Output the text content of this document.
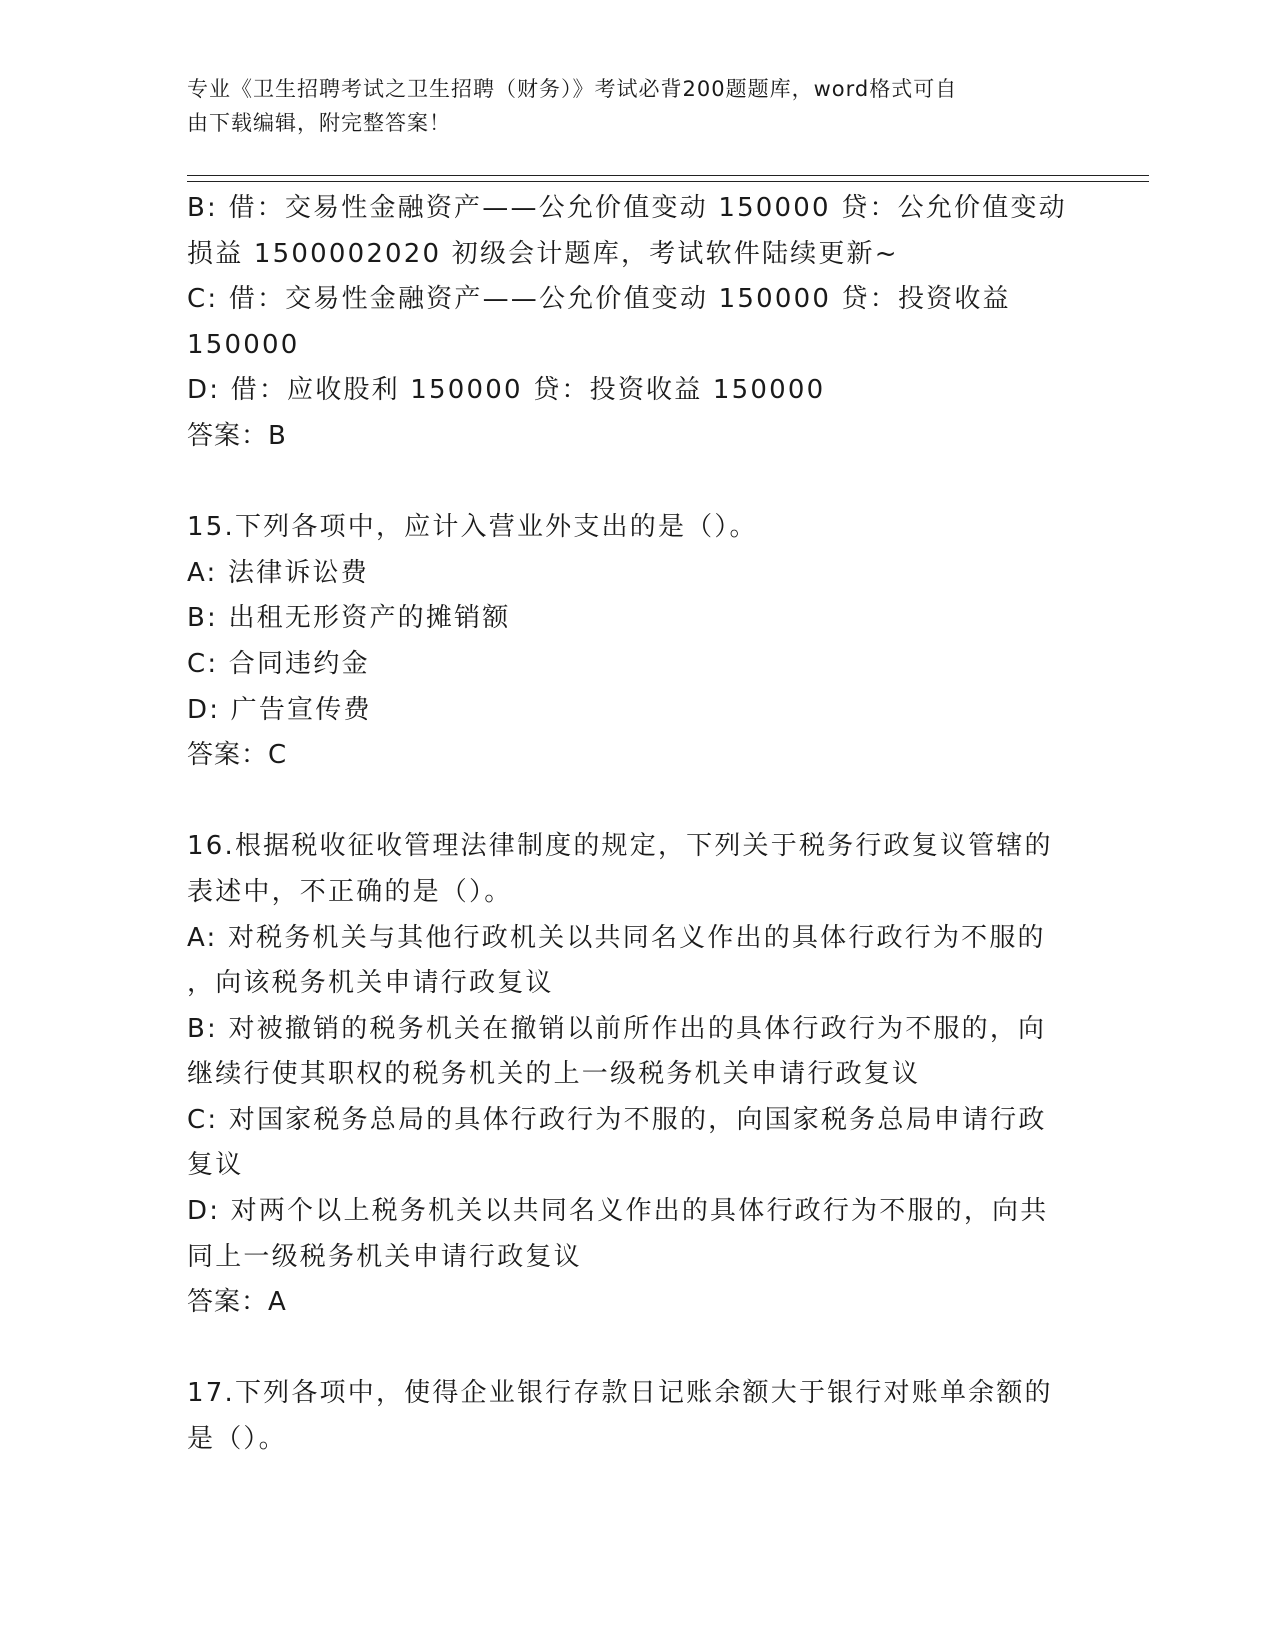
专业《卫生招聘考试之卫生招聘（财务）》考试必背200题题库，word格式可自
由下载编辑，附完整答案！
B: 借：交易性金融资产——公允价值变动 150000 贷：公允价值变动
损益 1500002020 初级会计题库，考试软件陆续更新~
C: 借：交易性金融资产——公允价值变动 150000 贷：投资收益
150000
D: 借：应收股利 150000 贷：投资收益 150000
答案：B
15.下列各项中，应计入营业外支出的是（）。
A: 法律诉讼费
B: 出租无形资产的摊销额
C: 合同违约金
D: 广告宣传费
答案：C
16.根据税收征收管理法律制度的规定，下列关于税务行政复议管辖的
表述中，不正确的是（）。
A: 对税务机关与其他行政机关以共同名义作出的具体行政行为不服的
，向该税务机关申请行政复议
B: 对被撤销的税务机关在撤销以前所作出的具体行政行为不服的，向
继续行使其职权的税务机关的上一级税务机关申请行政复议
C: 对国家税务总局的具体行政行为不服的，向国家税务总局申请行政
复议
D: 对两个以上税务机关以共同名义作出的具体行政行为不服的，向共
同上一级税务机关申请行政复议
答案：A
17.下列各项中，使得企业银行存款日记账余额大于银行对账单余额的
是（）。
